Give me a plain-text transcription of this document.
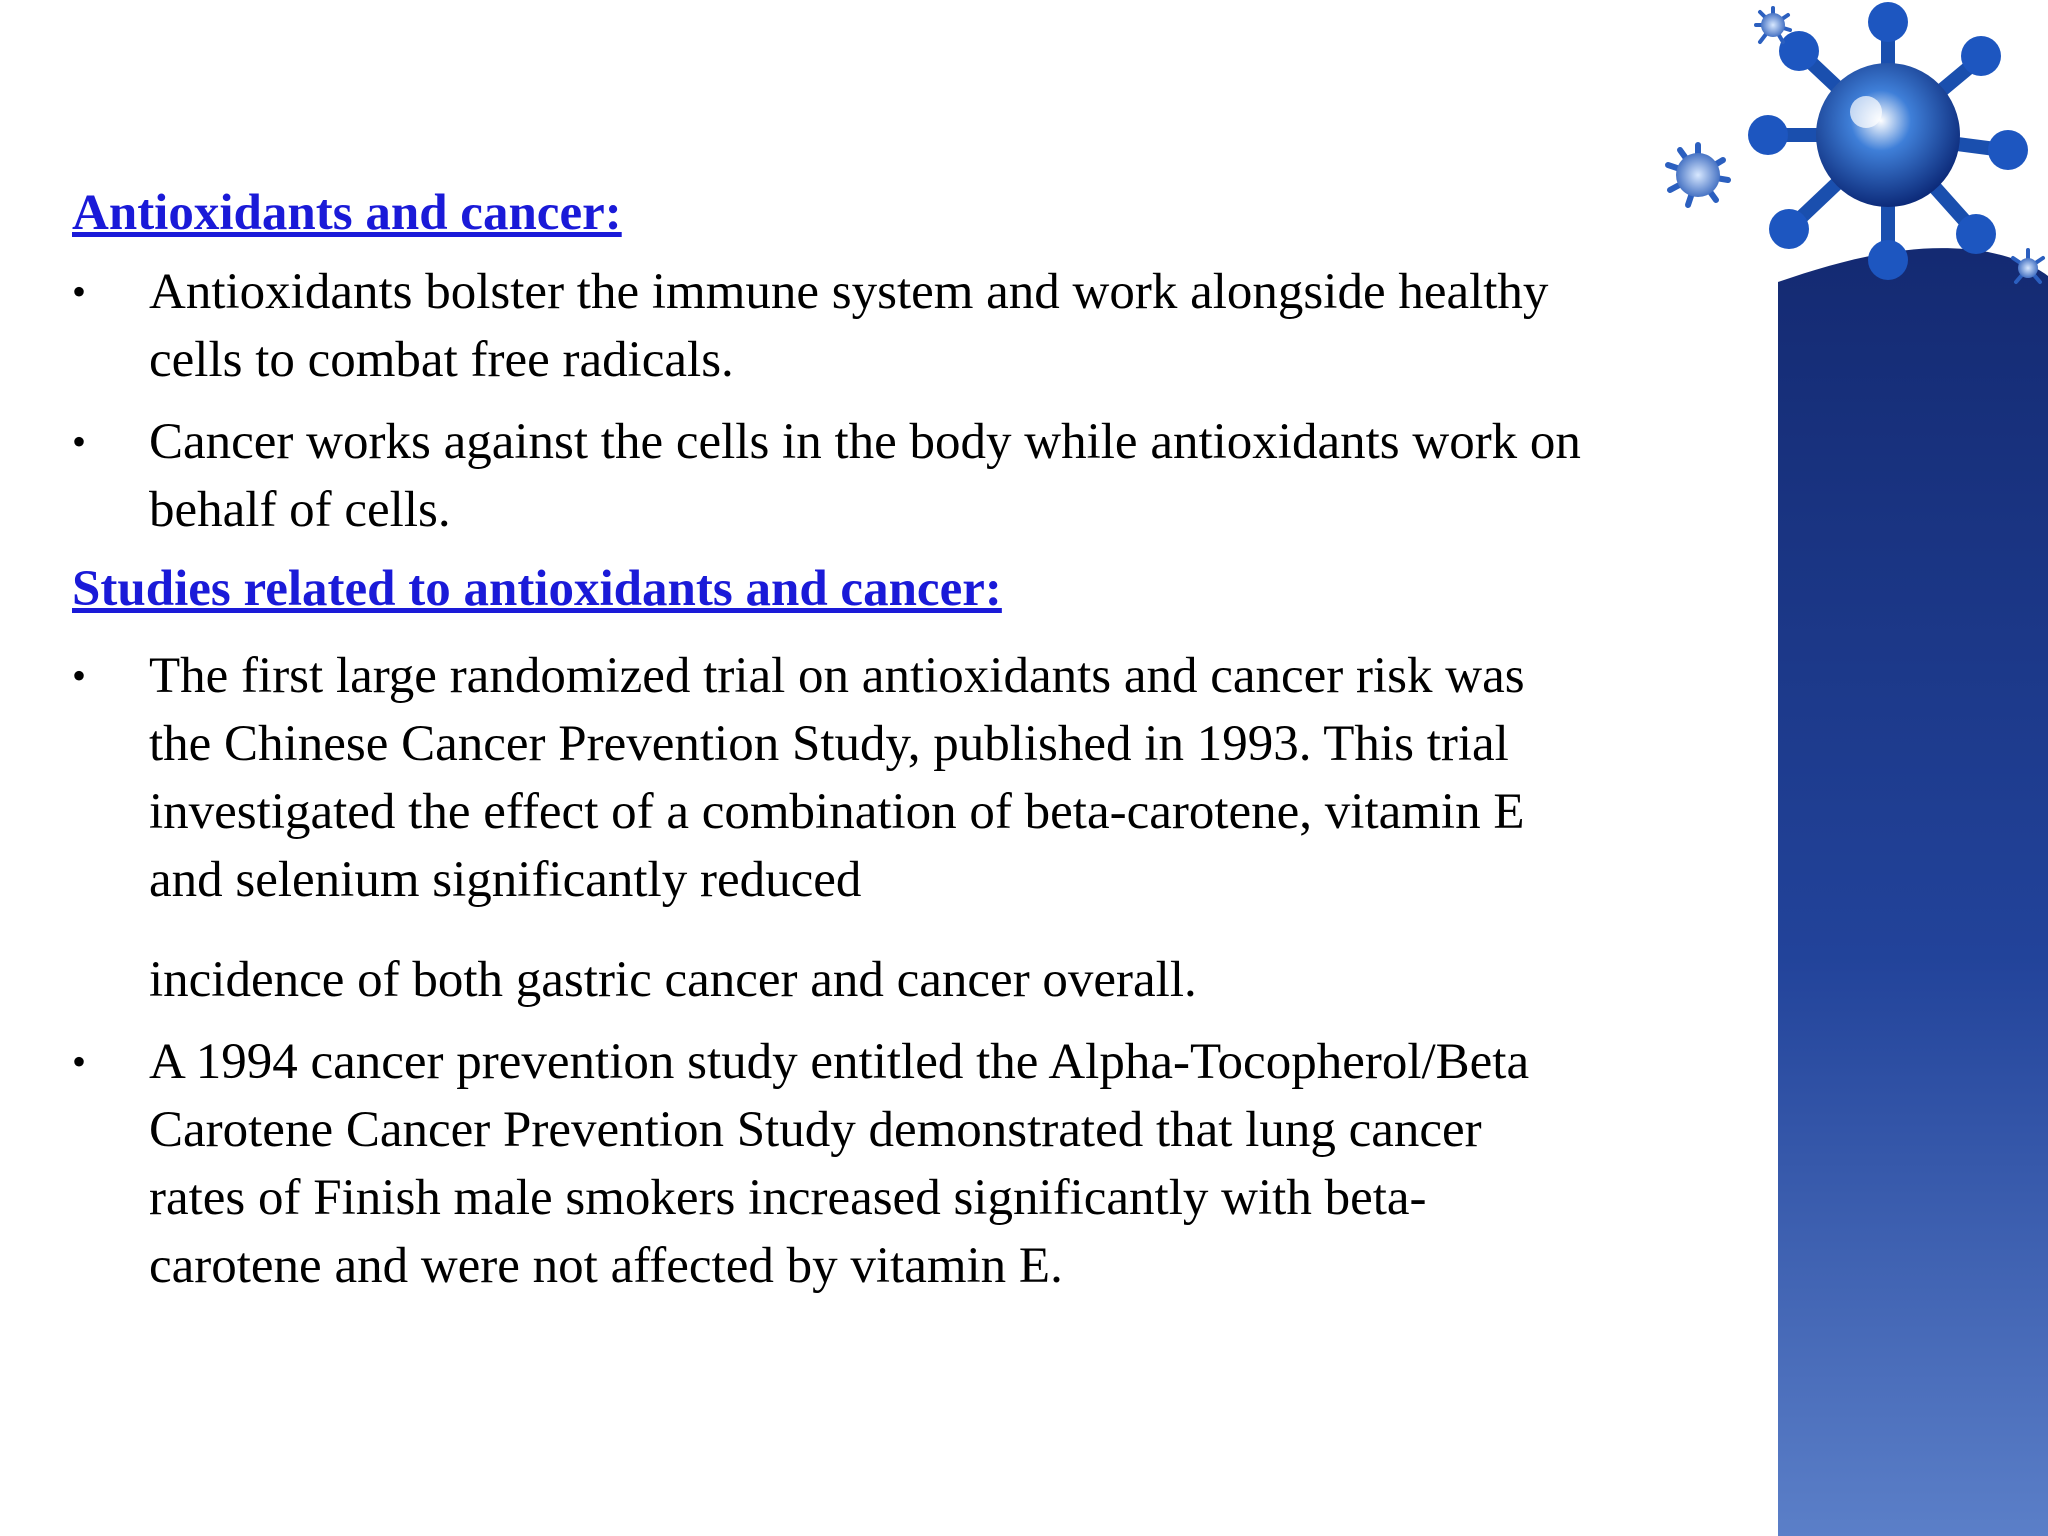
Antioxidants and cancer:
• Antioxidants bolster the immune system and work alongside healthy cells to combat free radicals.
• Cancer works against the cells in the body while antioxidants work on behalf of cells.
Studies related to antioxidants and cancer:
• The first large randomized trial on antioxidants and cancer risk was the Chinese Cancer Prevention Study, published in 1993. This trial investigated the effect of a combination of beta-carotene, vitamin E and selenium significantly reduced
incidence of both gastric cancer and cancer overall.
• A 1994 cancer prevention study entitled the Alpha-Tocopherol/Beta Carotene Cancer Prevention Study demonstrated that lung cancer rates of Finish male smokers increased significantly with beta-carotene and were not affected by vitamin E.
